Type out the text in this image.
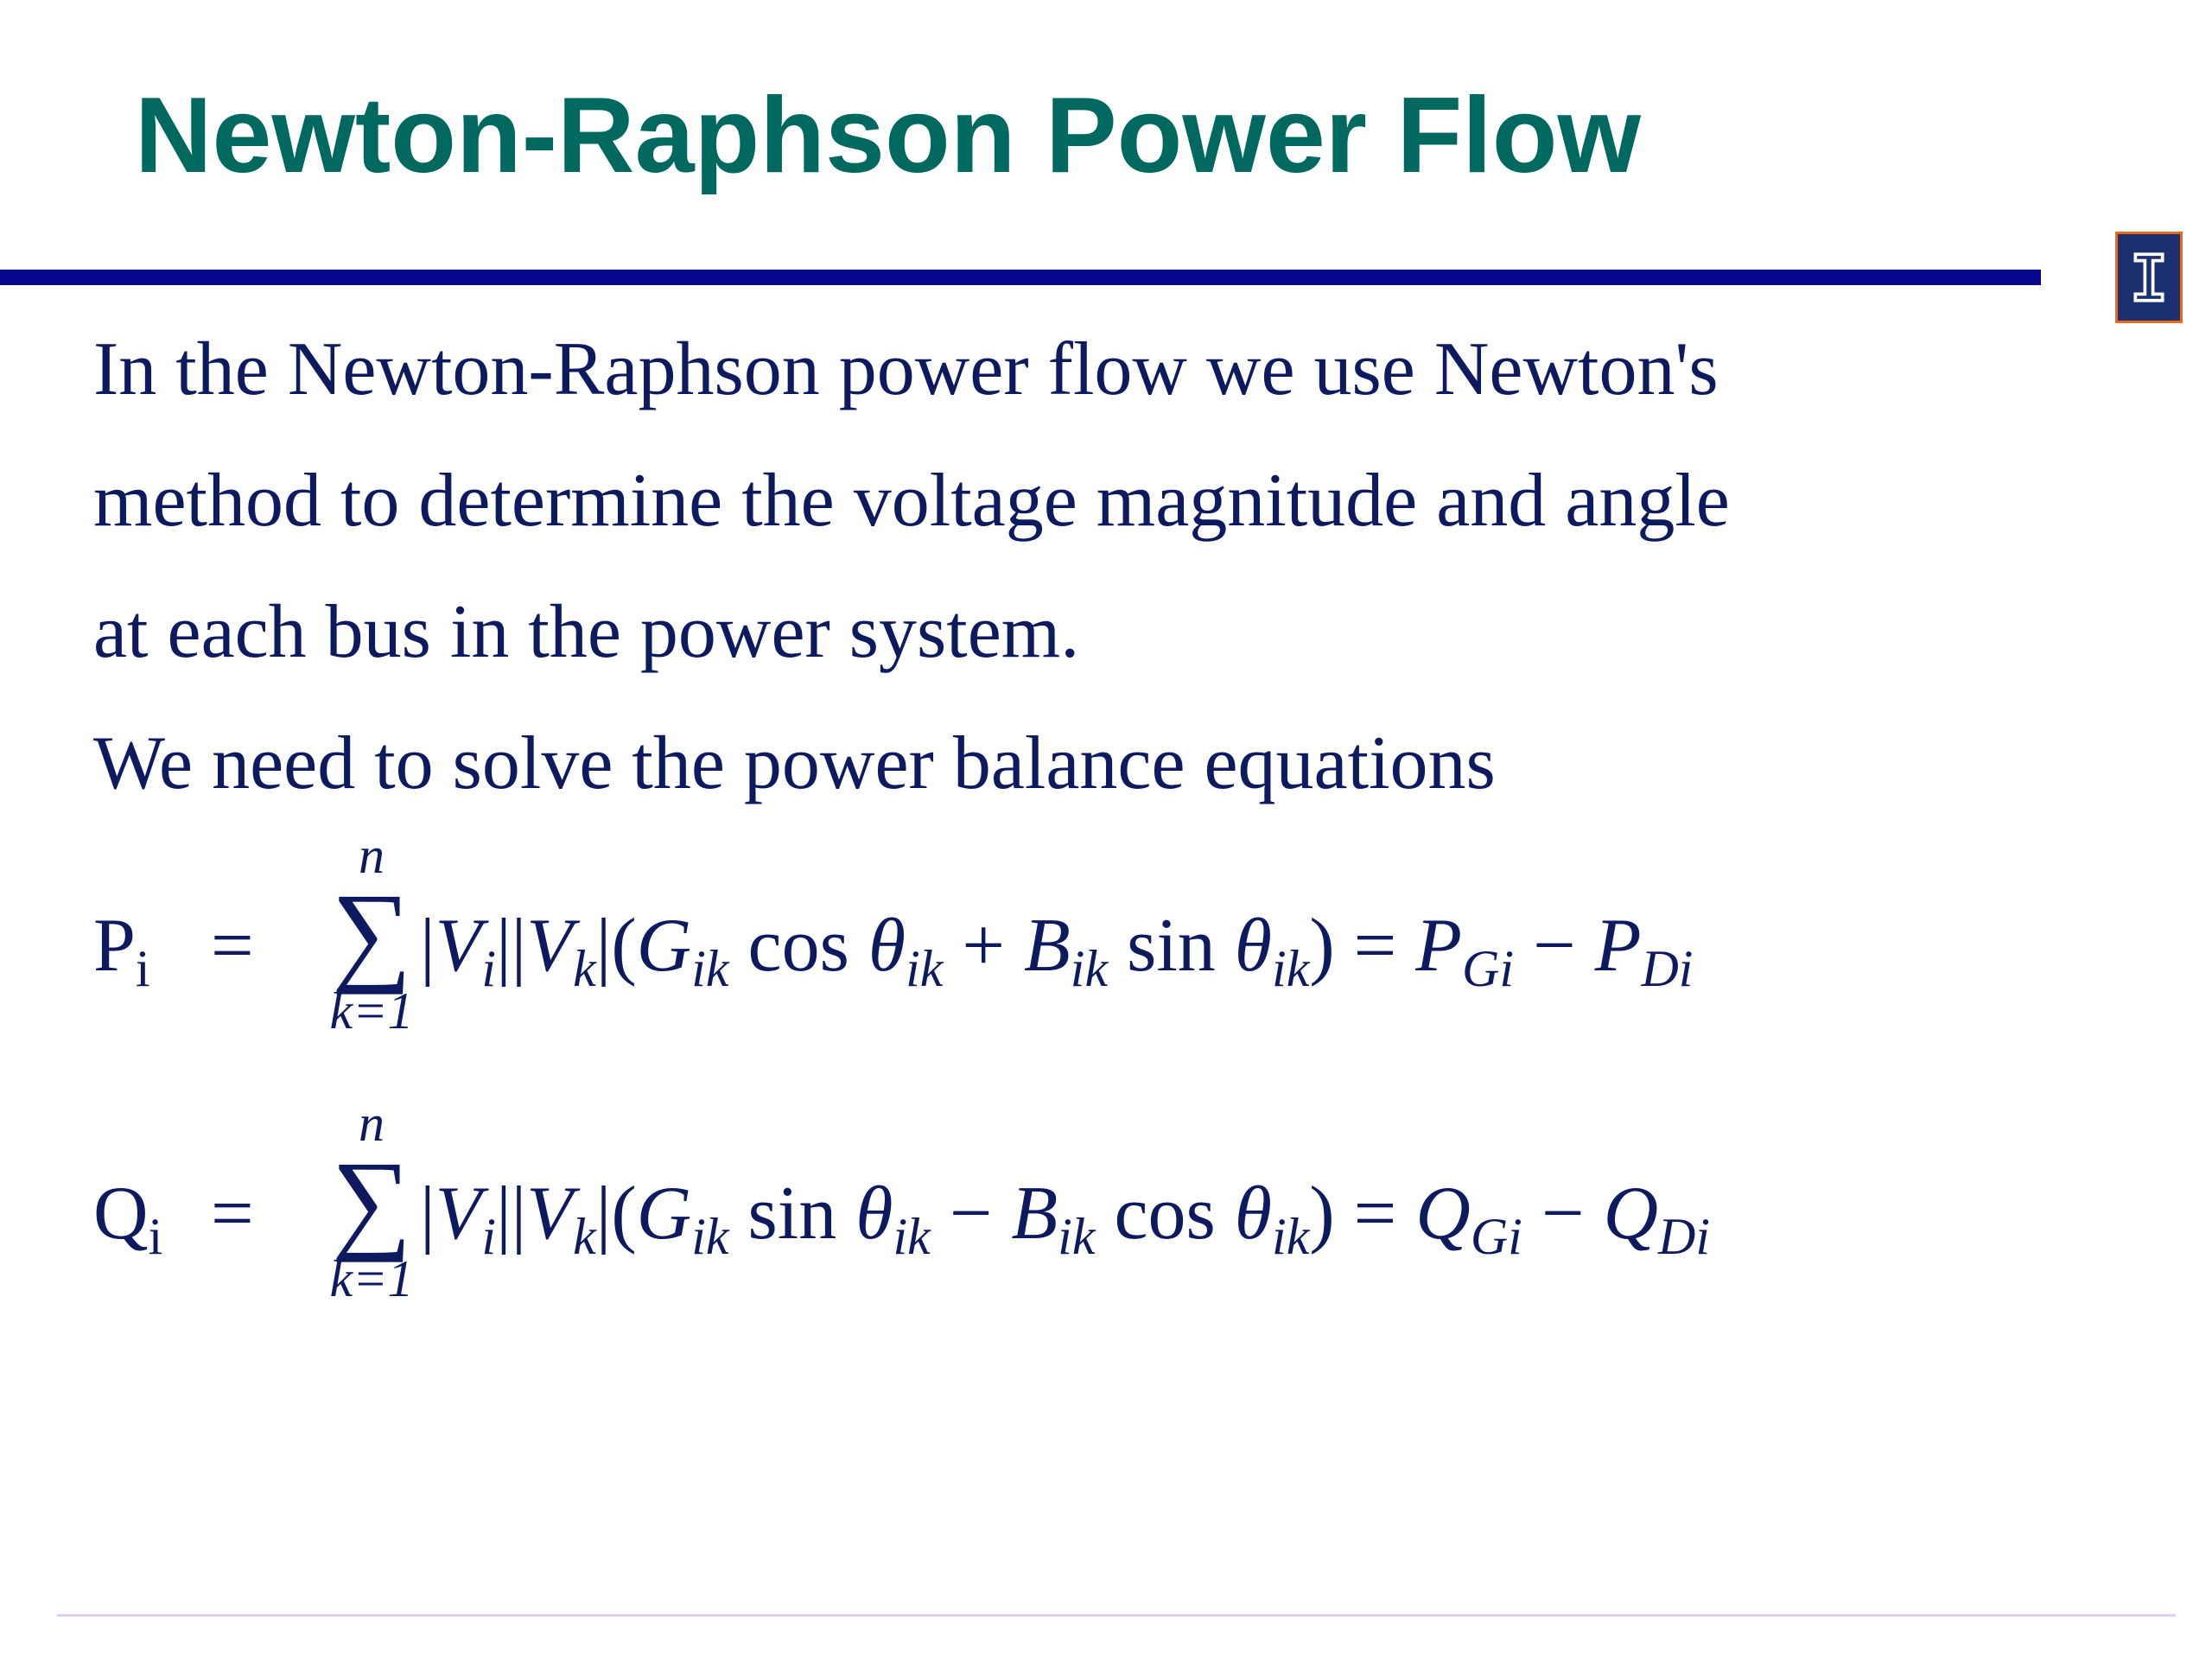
Newton-Raphson Power Flow

In the Newton-Raphson power flow we use Newton's

method to determine the voltage magnitude and angle

at each bus in the power system.

We need to solve the power balance equations

$P_i$ =
n
∑
k=1
$|V_i||V_k|(G_{ik}$ $\cos \theta_{ik} + B_{ik}$ $\sin \theta_{ik}) = P_{Gi} - P_{Di}$
$Q_i$ =
n
∑
k=1
$|V_i||V_k|(G_{ik}$ $\sin \theta_{ik} - B_{ik}$ $\cos \theta_{ik}) = Q_{Gi} - Q_{Di}$
